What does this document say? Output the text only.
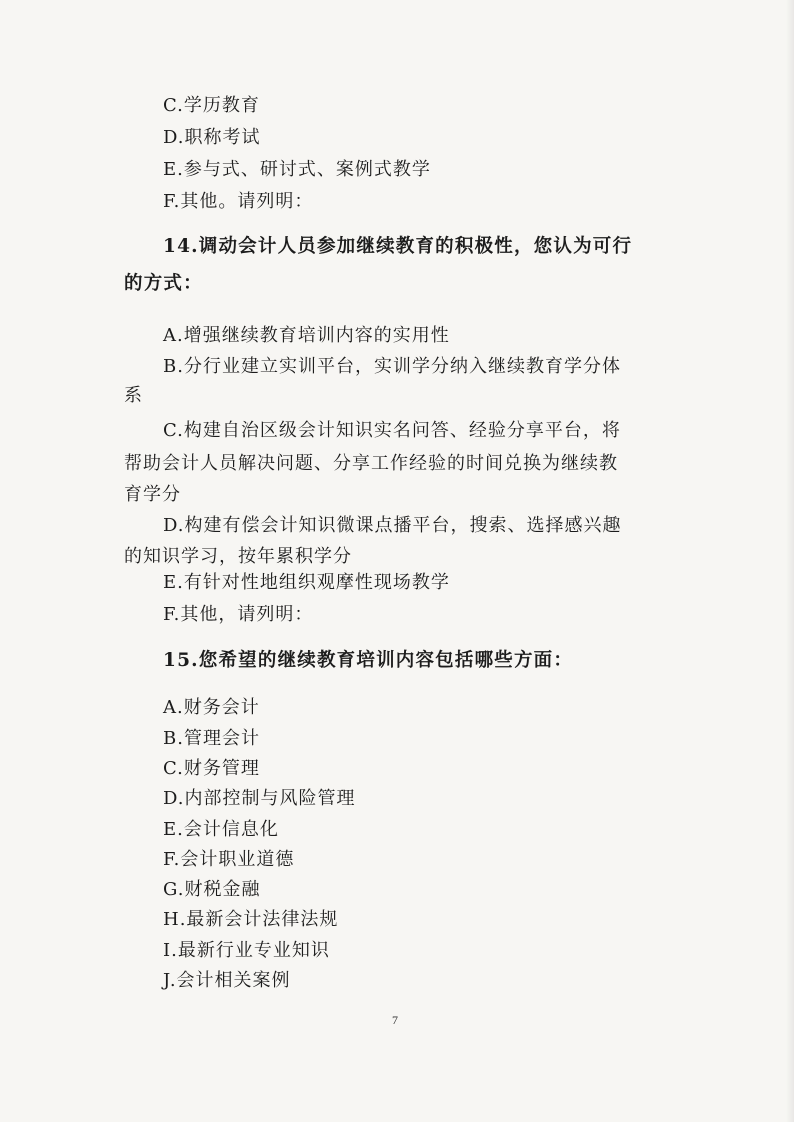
C.学历教育
D.职称考试
E.参与式、研讨式、案例式教学
F.其他。请列明：
14.调动会计人员参加继续教育的积极性，您认为可行
的方式：
A.增强继续教育培训内容的实用性
B.分行业建立实训平台，实训学分纳入继续教育学分体
系
C.构建自治区级会计知识实名问答、经验分享平台，将
帮助会计人员解决问题、分享工作经验的时间兑换为继续教
育学分
D.构建有偿会计知识微课点播平台，搜索、选择感兴趣
的知识学习，按年累积学分
E.有针对性地组织观摩性现场教学
F.其他，请列明：
15.您希望的继续教育培训内容包括哪些方面：
A.财务会计
B.管理会计
C.财务管理
D.内部控制与风险管理
E.会计信息化
F.会计职业道德
G.财税金融
H.最新会计法律法规
I.最新行业专业知识
J.会计相关案例
7
